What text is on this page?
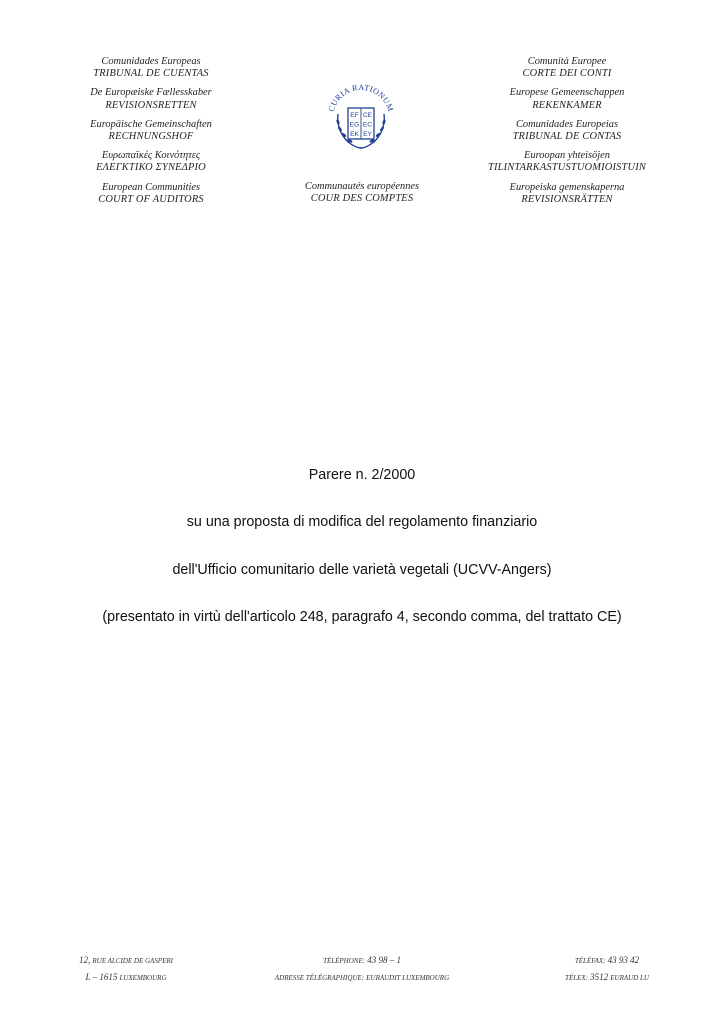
Comunidades Europeas
TRIBUNAL DE CUENTAS
De Europæiske Fællesskaber
REVISIONSRETTEN
Europäische Gemeinschaften
RECHNUNGSHOF
Ευρωπαϊκές Κοινότητες
ΕΛΕΓΚΤΙΚΟ ΣΥΝΕΔΡΙΟ
European Communities
COURT OF AUDITORS
CURIA RATIONUM
EF CE
EG EC
EK EY
Communautés européennes
COUR DES COMPTES
Comunità Europee
CORTE DEI CONTI
Europese Gemeenschappen
REKENKAMER
Comunidades Europeias
TRIBUNAL DE CONTAS
Euroopan yhteisöjen
TILINTARKASTUSTUOMIOISTUIN
Europeiska gemenskaperna
REVISIONSRÄTTEN
Parere n. 2/2000
su una proposta di modifica del regolamento finanziario
dell'Ufficio comunitario delle varietà vegetali (UCVV-Angers)
(presentato in virtù dell'articolo 248, paragrafo 4, secondo comma, del trattato CE)
12, RUE ALCIDE DE GASPERI
L – 1615 LUXEMBOURG
TÉLÉPHONE: 43 98 – 1
ADRESSE TÉLÉGRAPHIQUE: EURAUDIT LUXEMBOURG
TÉLÉFAX: 43 93 42
TÉLEX: 3512 EURAUD LU
